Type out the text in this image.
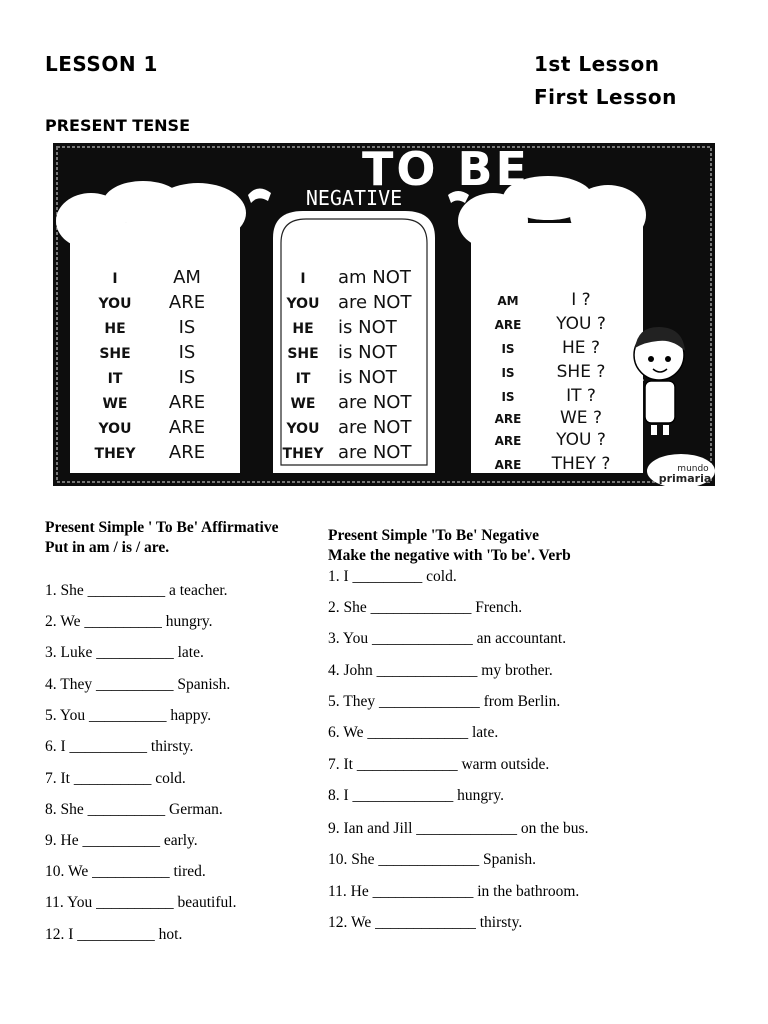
LESSON 1	1st Lesson
First Lesson
PRESENT TENSE
TO BE
NEGATIVE
I
YOU
HE
SHE
IT
WE
YOU
THEY
AM
ARE
IS
IS
IS
ARE
ARE
ARE
I
YOU
HE
SHE
IT
WE
YOU
THEY
am NOT
are NOT
is NOT
is NOT
is NOT
are NOT
are NOT
are NOT
AM
ARE
IS
IS
IS
ARE
ARE
ARE
I ?
YOU ?
HE ?
SHE ?
IT ?
WE ?
YOU ?
THEY ?	mundo
primaria
Present Simple ' To Be' Affirmative
Put in am / is / are.
1. She __________ a teacher.
2. We __________ hungry.
3. Luke __________ late.
4. They __________ Spanish.
5. You __________ happy.
6. I __________ thirsty.
7. It __________ cold.
8. She __________ German.
9. He __________ early.
10. We __________ tired.
11. You __________ beautiful.
12. I __________ hot.
Present Simple 'To Be' Negative
Make the negative with 'To be'. Verb
1. I _________ cold.
2. She _____________ French.
3. You _____________ an accountant.
4. John _____________ my brother.
5. They _____________ from Berlin.
6. We _____________ late.
7. It _____________ warm outside.
8. I _____________ hungry.
9. Ian and Jill _____________ on the bus.
10. She _____________ Spanish.
11. He _____________ in the bathroom.
12. We _____________ thirsty.
